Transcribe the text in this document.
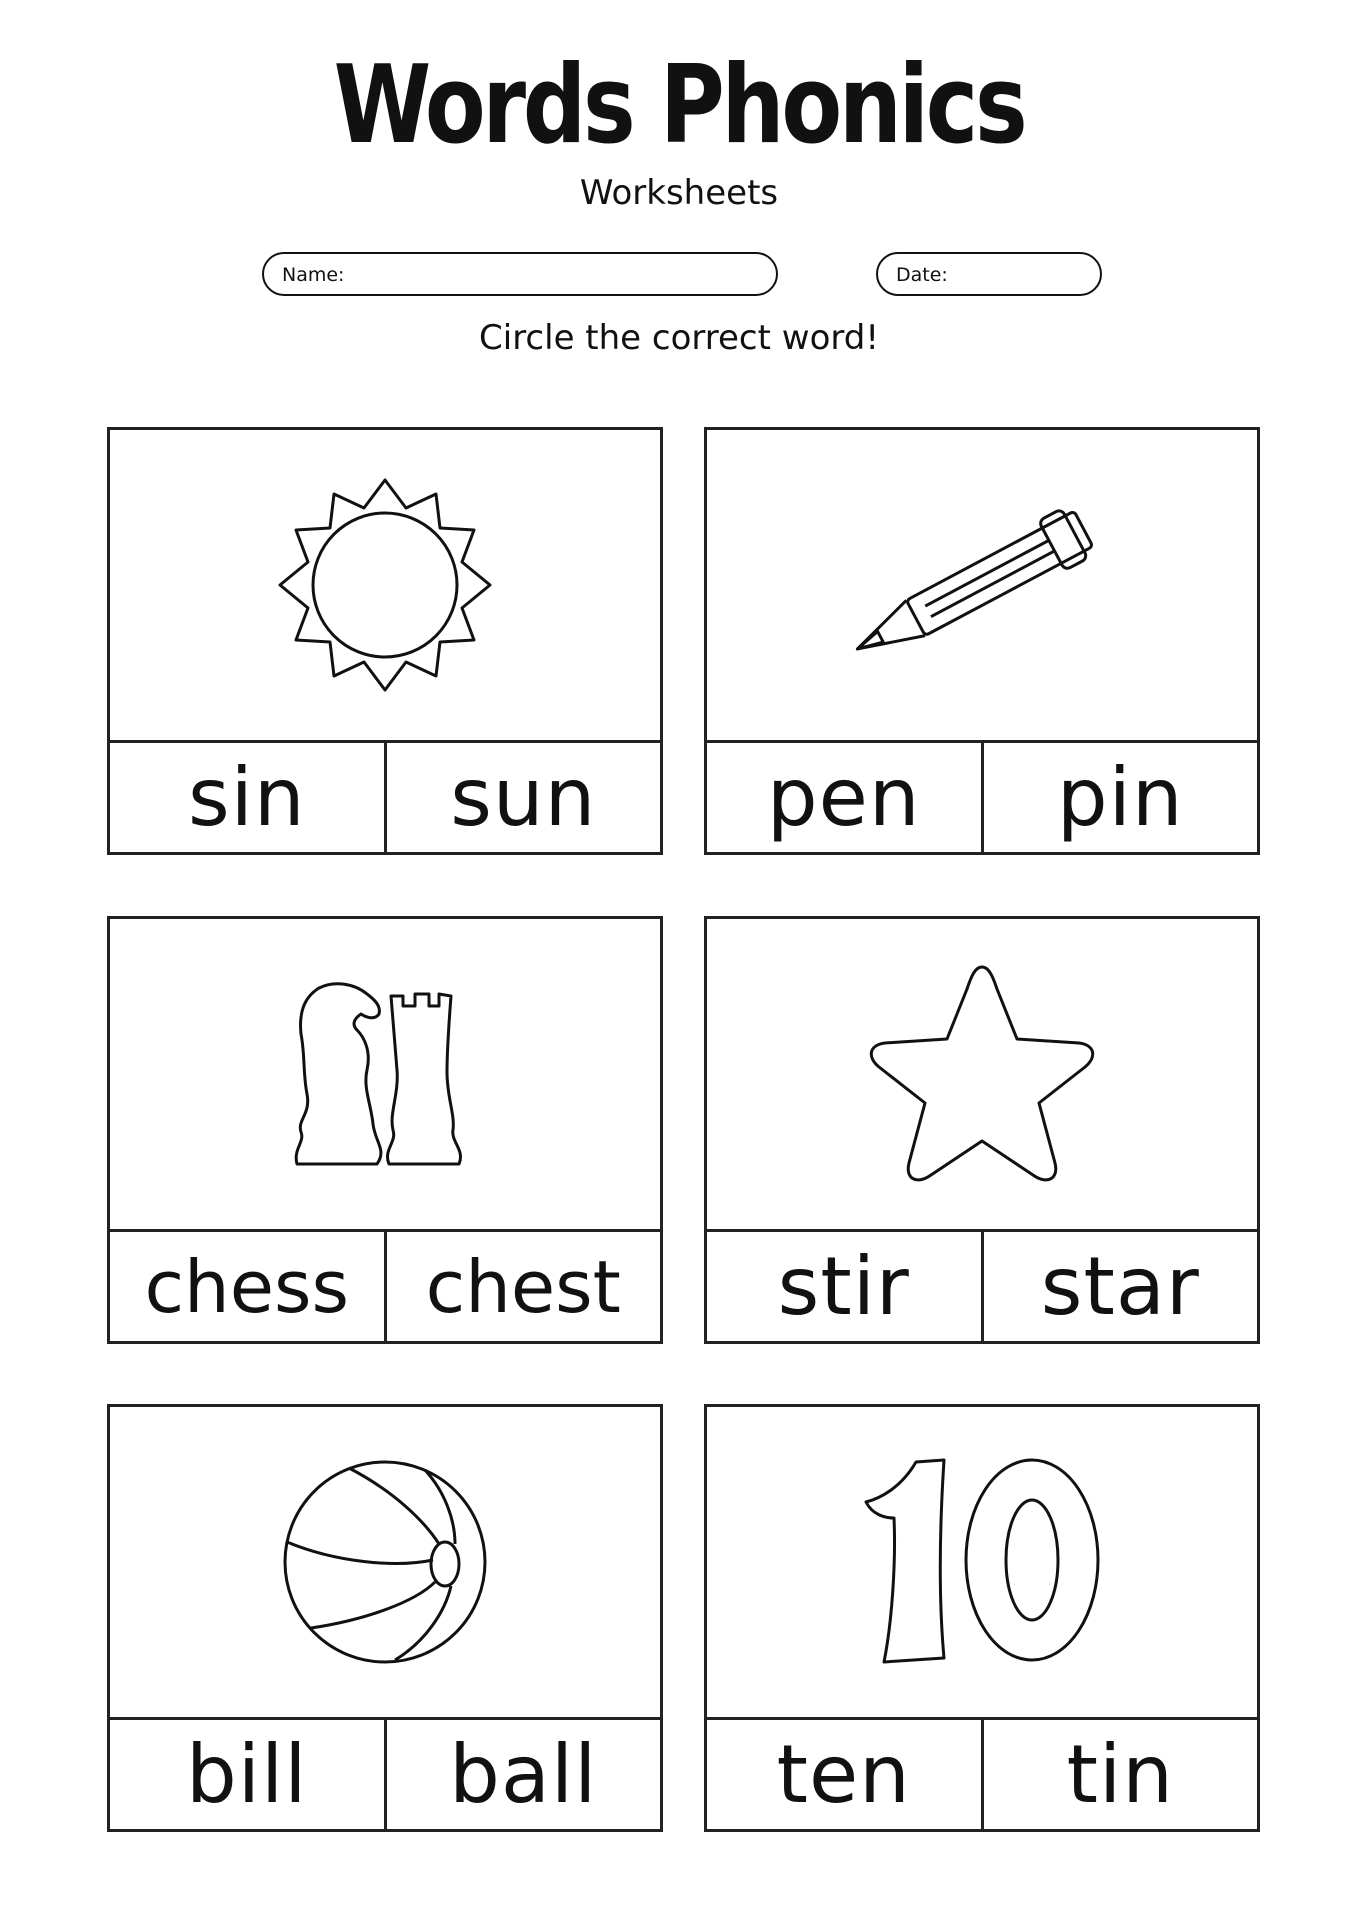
Words Phonics
Worksheets
Name:	Date:
Circle the correct word!
sin	sun	pen	pin
chess	chest	stir	star
bill	ball	ten	tin
